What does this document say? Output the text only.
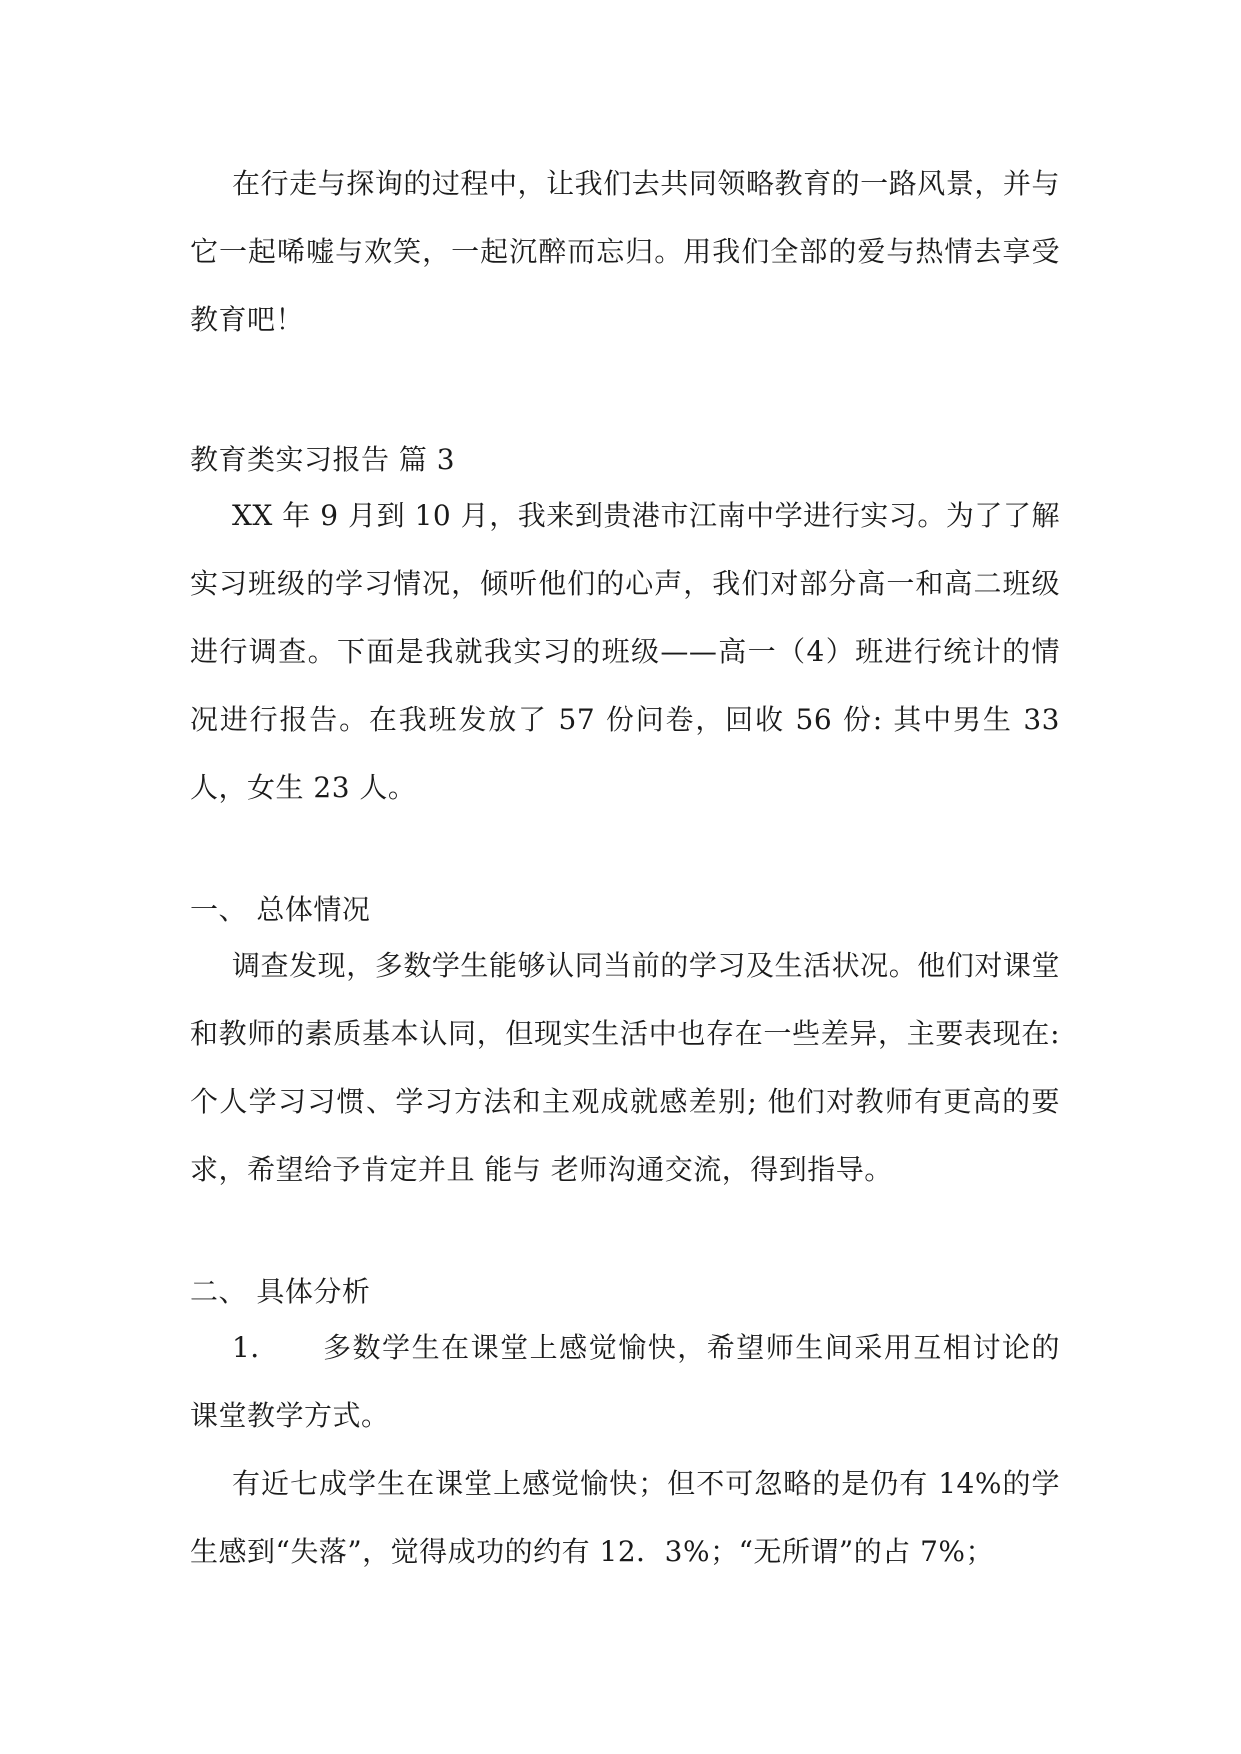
在行走与探询的过程中，让我们去共同领略教育的一路风景，并与它一起唏嘘与欢笑，一起沉醉而忘归。用我们全部的爱与热情去享受教育吧！

教育类实习报告 篇 3

XX 年 9 月到 10 月，我来到贵港市江南中学进行实习。为了了解实习班级的学习情况，倾听他们的心声，我们对部分高一和高二班级进行调查。下面是我就我实习的班级——高一（4）班进行统计的情况进行报告。在我班发放了 57 份问卷，回收 56 份: 其中男生 33 人，女生 23 人。

一、 总体情况

调查发现，多数学生能够认同当前的学习及生活状况。他们对课堂和教师的素质基本认同，但现实生活中也存在一些差异，主要表现在: 个人学习习惯、学习方法和主观成就感差别; 他们对教师有更高的要求，希望给予肯定并且 能与 老师沟通交流，得到指导。

二、 具体分析

1． 多数学生在课堂上感觉愉快，希望师生间采用互相讨论的课堂教学方式。

有近七成学生在课堂上感觉愉快；但不可忽略的是仍有 14%的学生感到“失落”，觉得成功的约有 12．3%；“无所谓”的占 7%；
